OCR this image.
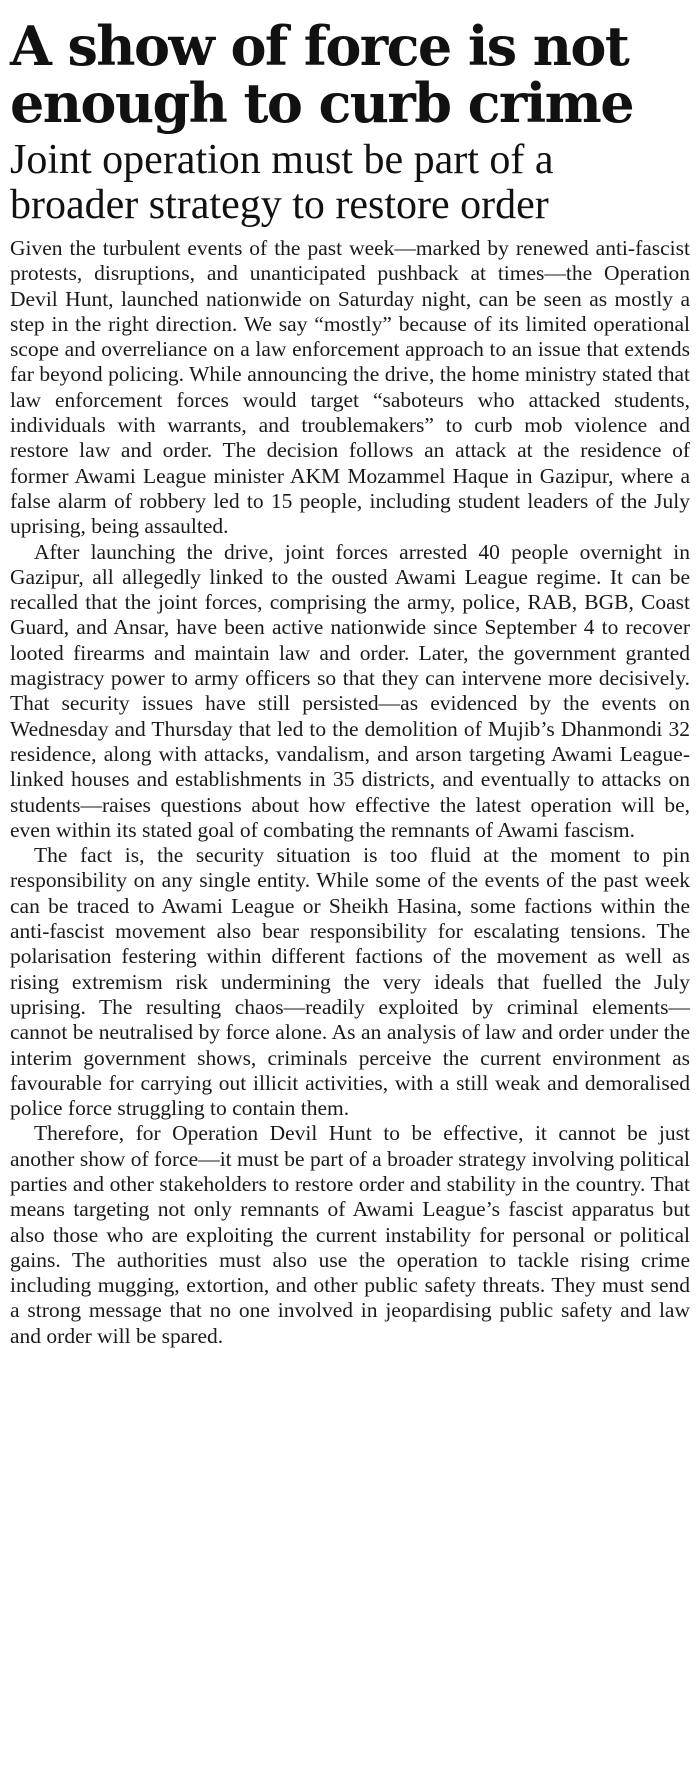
A show of force is not enough to curb crime
Joint operation must be part of a broader strategy to restore order

Given the turbulent events of the past week—marked by renewed anti-fascist protests, disruptions, and unanticipated pushback at times—the Operation Devil Hunt, launched nationwide on Saturday night, can be seen as mostly a step in the right direction. We say “mostly” because of its limited operational scope and overreliance on a law enforcement approach to an issue that extends far beyond policing. While announcing the drive, the home ministry stated that law enforcement forces would target “saboteurs who attacked students, individuals with warrants, and troublemakers” to curb mob violence and restore law and order. The decision follows an attack at the residence of former Awami League minister AKM Mozammel Haque in Gazipur, where a false alarm of robbery led to 15 people, including student leaders of the July uprising, being assaulted.

After launching the drive, joint forces arrested 40 people overnight in Gazipur, all allegedly linked to the ousted Awami League regime. It can be recalled that the joint forces, comprising the army, police, RAB, BGB, Coast Guard, and Ansar, have been active nationwide since September 4 to recover looted firearms and maintain law and order. Later, the government granted magistracy power to army officers so that they can intervene more decisively. That security issues have still persisted—as evidenced by the events on Wednesday and Thursday that led to the demolition of Mujib’s Dhanmondi 32 residence, along with attacks, vandalism, and arson targeting Awami League-linked houses and establishments in 35 districts, and eventually to attacks on students—raises questions about how effective the latest operation will be, even within its stated goal of combating the remnants of Awami fascism.

The fact is, the security situation is too fluid at the moment to pin responsibility on any single entity. While some of the events of the past week can be traced to Awami League or Sheikh Hasina, some factions within the anti-fascist movement also bear responsibility for escalating tensions. The polarisation festering within different factions of the movement as well as rising extremism risk undermining the very ideals that fuelled the July uprising. The resulting chaos—readily exploited by criminal elements—cannot be neutralised by force alone. As an analysis of law and order under the interim government shows, criminals perceive the current environment as favourable for carrying out illicit activities, with a still weak and demoralised police force struggling to contain them.

Therefore, for Operation Devil Hunt to be effective, it cannot be just another show of force—it must be part of a broader strategy involving political parties and other stakeholders to restore order and stability in the country. That means targeting not only remnants of Awami League’s fascist apparatus but also those who are exploiting the current instability for personal or political gains. The authorities must also use the operation to tackle rising crime including mugging, extortion, and other public safety threats. They must send a strong message that no one involved in jeopardising public safety and law and order will be spared.
